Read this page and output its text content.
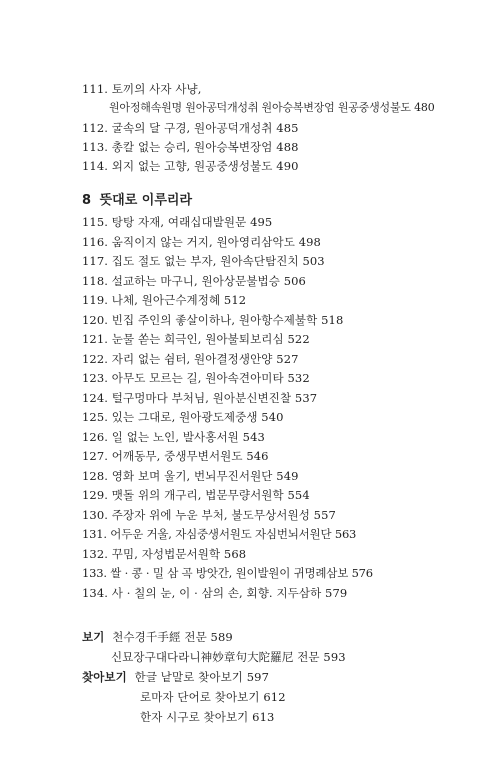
111. 토끼의 사자 사냥,
원아정해속원명 원아공덕개성취 원아승복변장엄 원공중생성불도 480
112. 굴속의 달 구경, 원아공덕개성취 485
113. 총칼 없는 승리, 원아승복변장엄 488
114. 외지 없는 고향, 원공중생성불도 490
8 뜻대로 이루리라
115. 탕탕 자재, 여래십대발원문 495
116. 움직이지 않는 거지, 원아영리삼악도 498
117. 집도 절도 없는 부자, 원아속단탐진치 503
118. 설교하는 마구니, 원아상문불법승 506
119. 나체, 원아근수계정혜 512
120. 빈집 주인의 좋살이하나, 원아항수제불학 518
121. 눈물 쏟는 희극인, 원아불퇴보리심 522
122. 자리 없는 쉼터, 원아결정생안양 527
123. 아무도 모르는 길, 원아속견아미타 532
124. 털구멍마다 부처님, 원아분신변진찰 537
125. 있는 그대로, 원아광도제중생 540
126. 일 없는 노인, 발사홍서원 543
127. 어깨동무, 중생무변서원도 546
128. 영화 보며 울기, 번뇌무진서원단 549
129. 맷돌 위의 개구리, 법문무량서원학 554
130. 주장자 위에 누운 부처, 불도무상서원성 557
131. 어두운 거울, 자심중생서원도 자심번뇌서원단 563
132. 꾸밈, 자성법문서원학 568
133. 쌀 · 콩 · 밀 삼 곡 방앗간, 원이발원이 귀명례삼보 576
134. 사 · 칠의 눈, 이 · 삼의 손, 회향. 지두삼하 579
보기 천수경千手經 전문 589
신묘장구대다라니神妙章句大陀羅尼 전문 593
찾아보기 한글 낱말로 찾아보기 597
로마자 단어로 찾아보기 612
한자 시구로 찾아보기 613
